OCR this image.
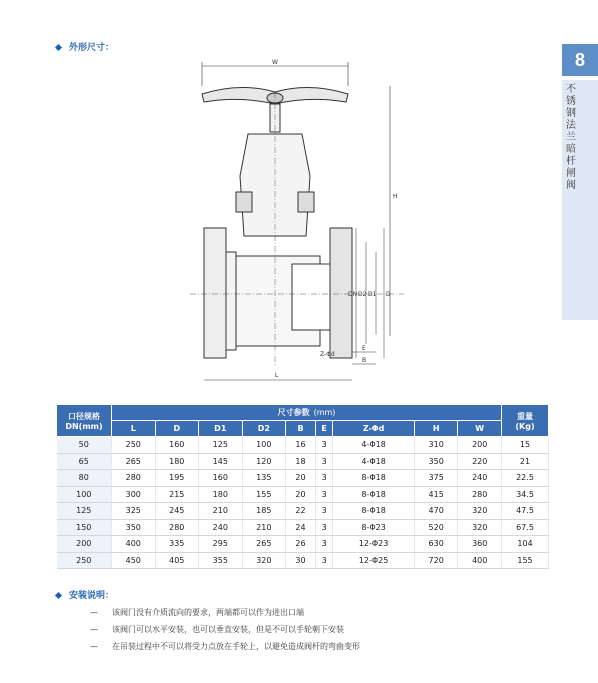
外形尺寸：
8
不锈钢法兰暗杆闸阀
W
H
DN D2 D1 D
E
B
Z-Φd
L
口径规格
DN(mm)	尺寸参数 (mm)									重量
(Kg)
	L	D	D1	D2	B	E	Z-Φd	H	W	
50	250	160	125	100	16	3	4-Φ18	310	200	15
65	265	180	145	120	18	3	4-Φ18	350	220	21
80	280	195	160	135	20	3	8-Φ18	375	240	22.5
100	300	215	180	155	20	3	8-Φ18	415	280	34.5
125	325	245	210	185	22	3	8-Φ18	470	320	47.5
150	350	280	240	210	24	3	8-Φ23	520	320	67.5
200	400	335	295	265	26	3	12-Φ23	630	360	104
250	450	405	355	320	30	3	12-Φ25	720	400	155
安装说明：
— 该阀门没有介质流向的要求，两端都可以作为进出口端
— 该阀门可以水平安装，也可以垂直安装，但是不可以手轮朝下安装
— 在吊装过程中不可以将受力点放在手轮上，以避免造成阀杆的弯曲变形
